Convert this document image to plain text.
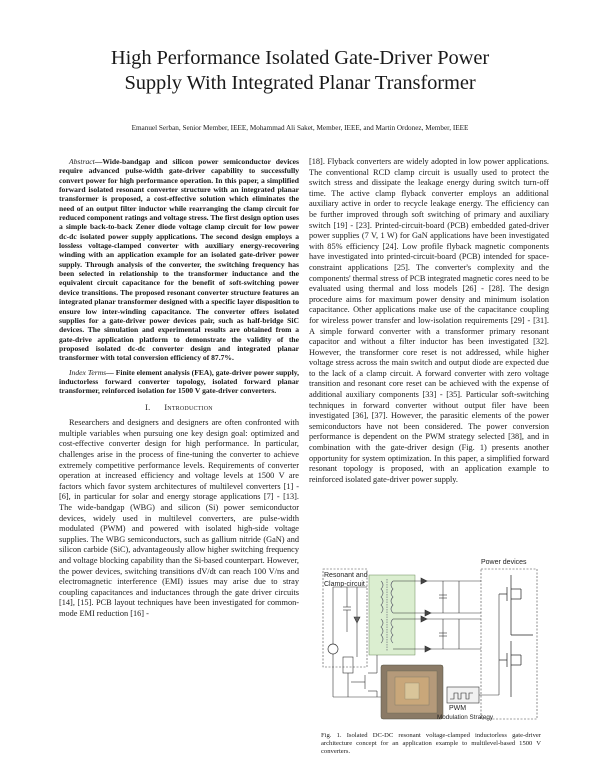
High Performance Isolated Gate-Driver Power
Supply With Integrated Planar Transformer
Emanuel Serban, Senior Member, IEEE, Mohammad Ali Saket, Member, IEEE, and Martin Ordonez, Member, IEEE

Abstract—Wide-bandgap and silicon power semiconductor devices require advanced pulse-width gate-driver capability to successfully convert power for high performance operation. In this paper, a simplified forward isolated resonant converter structure with an integrated planar transformer is proposed, a cost-effective solution which eliminates the need of an output filter inductor while rearranging the clamp circuit for reduced component ratings and voltage stress. The first design option uses a simple back-to-back Zener diode voltage clamp circuit for low power dc-dc isolated power supply applications. The second design employs a lossless voltage-clamped converter with auxiliary energy-recovering winding with an application example for an isolated gate-driver power supply. Through analysis of the converter, the switching frequency has been selected in relationship to the transformer inductance and the equivalent circuit capacitance for the benefit of soft-switching power device transitions. The proposed resonant converter structure features an integrated planar transformer designed with a specific layer disposition to ensure low inter-winding capacitance. The converter offers isolated supplies for a gate-driver power devices pair, such as half-bridge SiC devices. The simulation and experimental results are obtained from a gate-drive application platform to demonstrate the validity of the proposed isolated dc-dc converter design and integrated planar transformer with total conversion efficiency of 87.7%.

Index Terms— Finite element analysis (FEA), gate-driver power supply, inductorless forward converter topology, isolated forward planar transformer, reinforced isolation for 1500 V gate-driver converters.

I. Introduction

Researchers and designers and designers are often confronted with multiple variables when pursuing one key design goal: optimized and cost-effective converter design for high performance. In particular, challenges arise in the process of fine-tuning the converter to achieve extremely competitive performance levels. Requirements of converter operation at increased efficiency and voltage levels at 1500 V are factors which favor system architectures of multilevel converters [1] - [6], in particular for solar and energy storage applications [7] - [13]. The wide-bandgap (WBG) and silicon (Si) power semiconductor devices, widely used in multilevel converters, are pulse-width modulated (PWM) and powered with isolated high-side voltage supplies. The WBG semiconductors, such as gallium nitride (GaN) and silicon carbide (SiC), advantageously allow higher switching frequency and voltage blocking capability than the Si-based counterpart. However, the power devices, switching transitions dV/dt can reach 100 V/ns and electromagnetic interference (EMI) issues may arise due to stray coupling capacitances and inductances through the gate driver circuits [14], [15]. PCB layout techniques have been investigated for common-mode EMI reduction [16] -

[18]. Flyback converters are widely adopted in low power applications. The conventional RCD clamp circuit is usually used to protect the switch stress and dissipate the leakage energy during switch turn-off time. The active clamp flyback converter employs an additional auxiliary active in order to recycle leakage energy. The efficiency can be further improved through soft switching of primary and auxiliary switch [19] - [23]. Printed-circuit-board (PCB) embedded gated-driver power supplies (7 V, 1 W) for GaN applications have been investigated with 85% efficiency [24]. Low profile flyback magnetic components have investigated into printed-circuit-board (PCB) intended for space-constraint applications [25]. The converter's complexity and the components' thermal stress of PCB integrated magnetic cores need to be evaluated using thermal and loss models [26] - [28]. The design procedure aims for maximum power density and minimum isolation capacitance. Other applications make use of the capacitance coupling for wireless power transfer and low-isolation requirements [29] - [31]. A simple forward converter with a transformer primary resonant capacitor and without a filter inductor has been investigated [32]. However, the transformer core reset is not addressed, while higher voltage stress across the main switch and output diode are expected due to the lack of a clamp circuit. A forward converter with zero voltage transition and resonant core reset can be achieved with the expense of additional auxiliary components [33] - [35]. Particular soft-switching techniques in forward converter without output filer have been investigated [36], [37]. However, the parasitic elements of the power semiconductors have not been considered. The power conversion performance is dependent on the PWM strategy selected [38], and in combination with the gate-driver design (Fig. 1) presents another opportunity for system optimization. In this paper, a simplified forward resonant topology is proposed, with an application example to reinforced isolated gate-driver power supply.

Resonant and
Clamp-circuit
Power devices
PWM
Modulation Strategy
Fig. 1. Isolated DC-DC resonant voltage-clamped inductorless gate-driver architecture concept for an application example to multilevel-based 1500 V converters.
